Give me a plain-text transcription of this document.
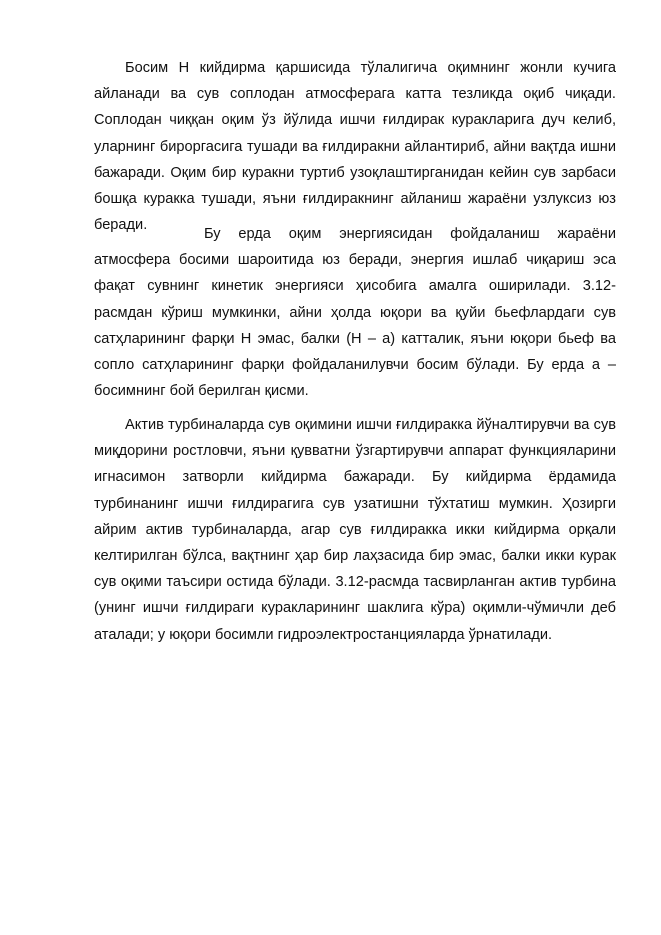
Босим Н кийдирма қаршисида тўлалигича оқимнинг жонли кучига айланади ва сув соплодан атмосферага катта тезликда оқиб чиқади. Соплодан чиққан оқим ўз йўлида ишчи ғилдирак куракларига дуч келиб, уларнинг бироргасига тушади ва ғилдиракни айлантириб, айни вақтда ишни бажаради. Оқим бир куракни туртиб узоқлаштирганидан кейин сув зарбаси бошқа куракка тушади, яъни ғилдиракнинг айланиш жараёни узлуксиз юз беради.

Бу ерда оқим энергиясидан фойдаланиш жараёни атмосфера босими шароитида юз беради, энергия ишлаб чиқариш эса фақат сувнинг кинетик энергияси ҳисобига амалга оширилади. 3.12-расмдан кўриш мумкинки, айни ҳолда юқори ва қуйи бьефлардаги сув сатҳларининг фарқи Н эмас, балки (Н – а) катталик, яъни юқори бьеф ва сопло сатҳларининг фарқи фойдаланилувчи босим бўлади. Бу ерда а – босимнинг бой берилган қисми.

Актив турбиналарда сув оқимини ишчи ғилдиракка йўналтирувчи ва сув миқдорини ростловчи, яъни қувватни ўзгартирувчи аппарат функцияларини игнасимон затворли кийдирма бажаради. Бу кийдирма ёрдамида турбинанинг ишчи ғилдирагига сув узатишни тўхтатиш мумкин. Ҳозирги айрим актив турбиналарда, агар сув ғилдиракка икки кийдирма орқали келтирилган бўлса, вақтнинг ҳар бир лаҳзасида бир эмас, балки икки курак сув оқими таъсири остида бўлади. 3.12-расмда тасвирланган актив турбина (унинг ишчи ғилдираги куракларининг шаклига кўра) оқимли-чўмичли деб аталади; у юқори босимли гидроэлектростанцияларда ўрнатилади.
